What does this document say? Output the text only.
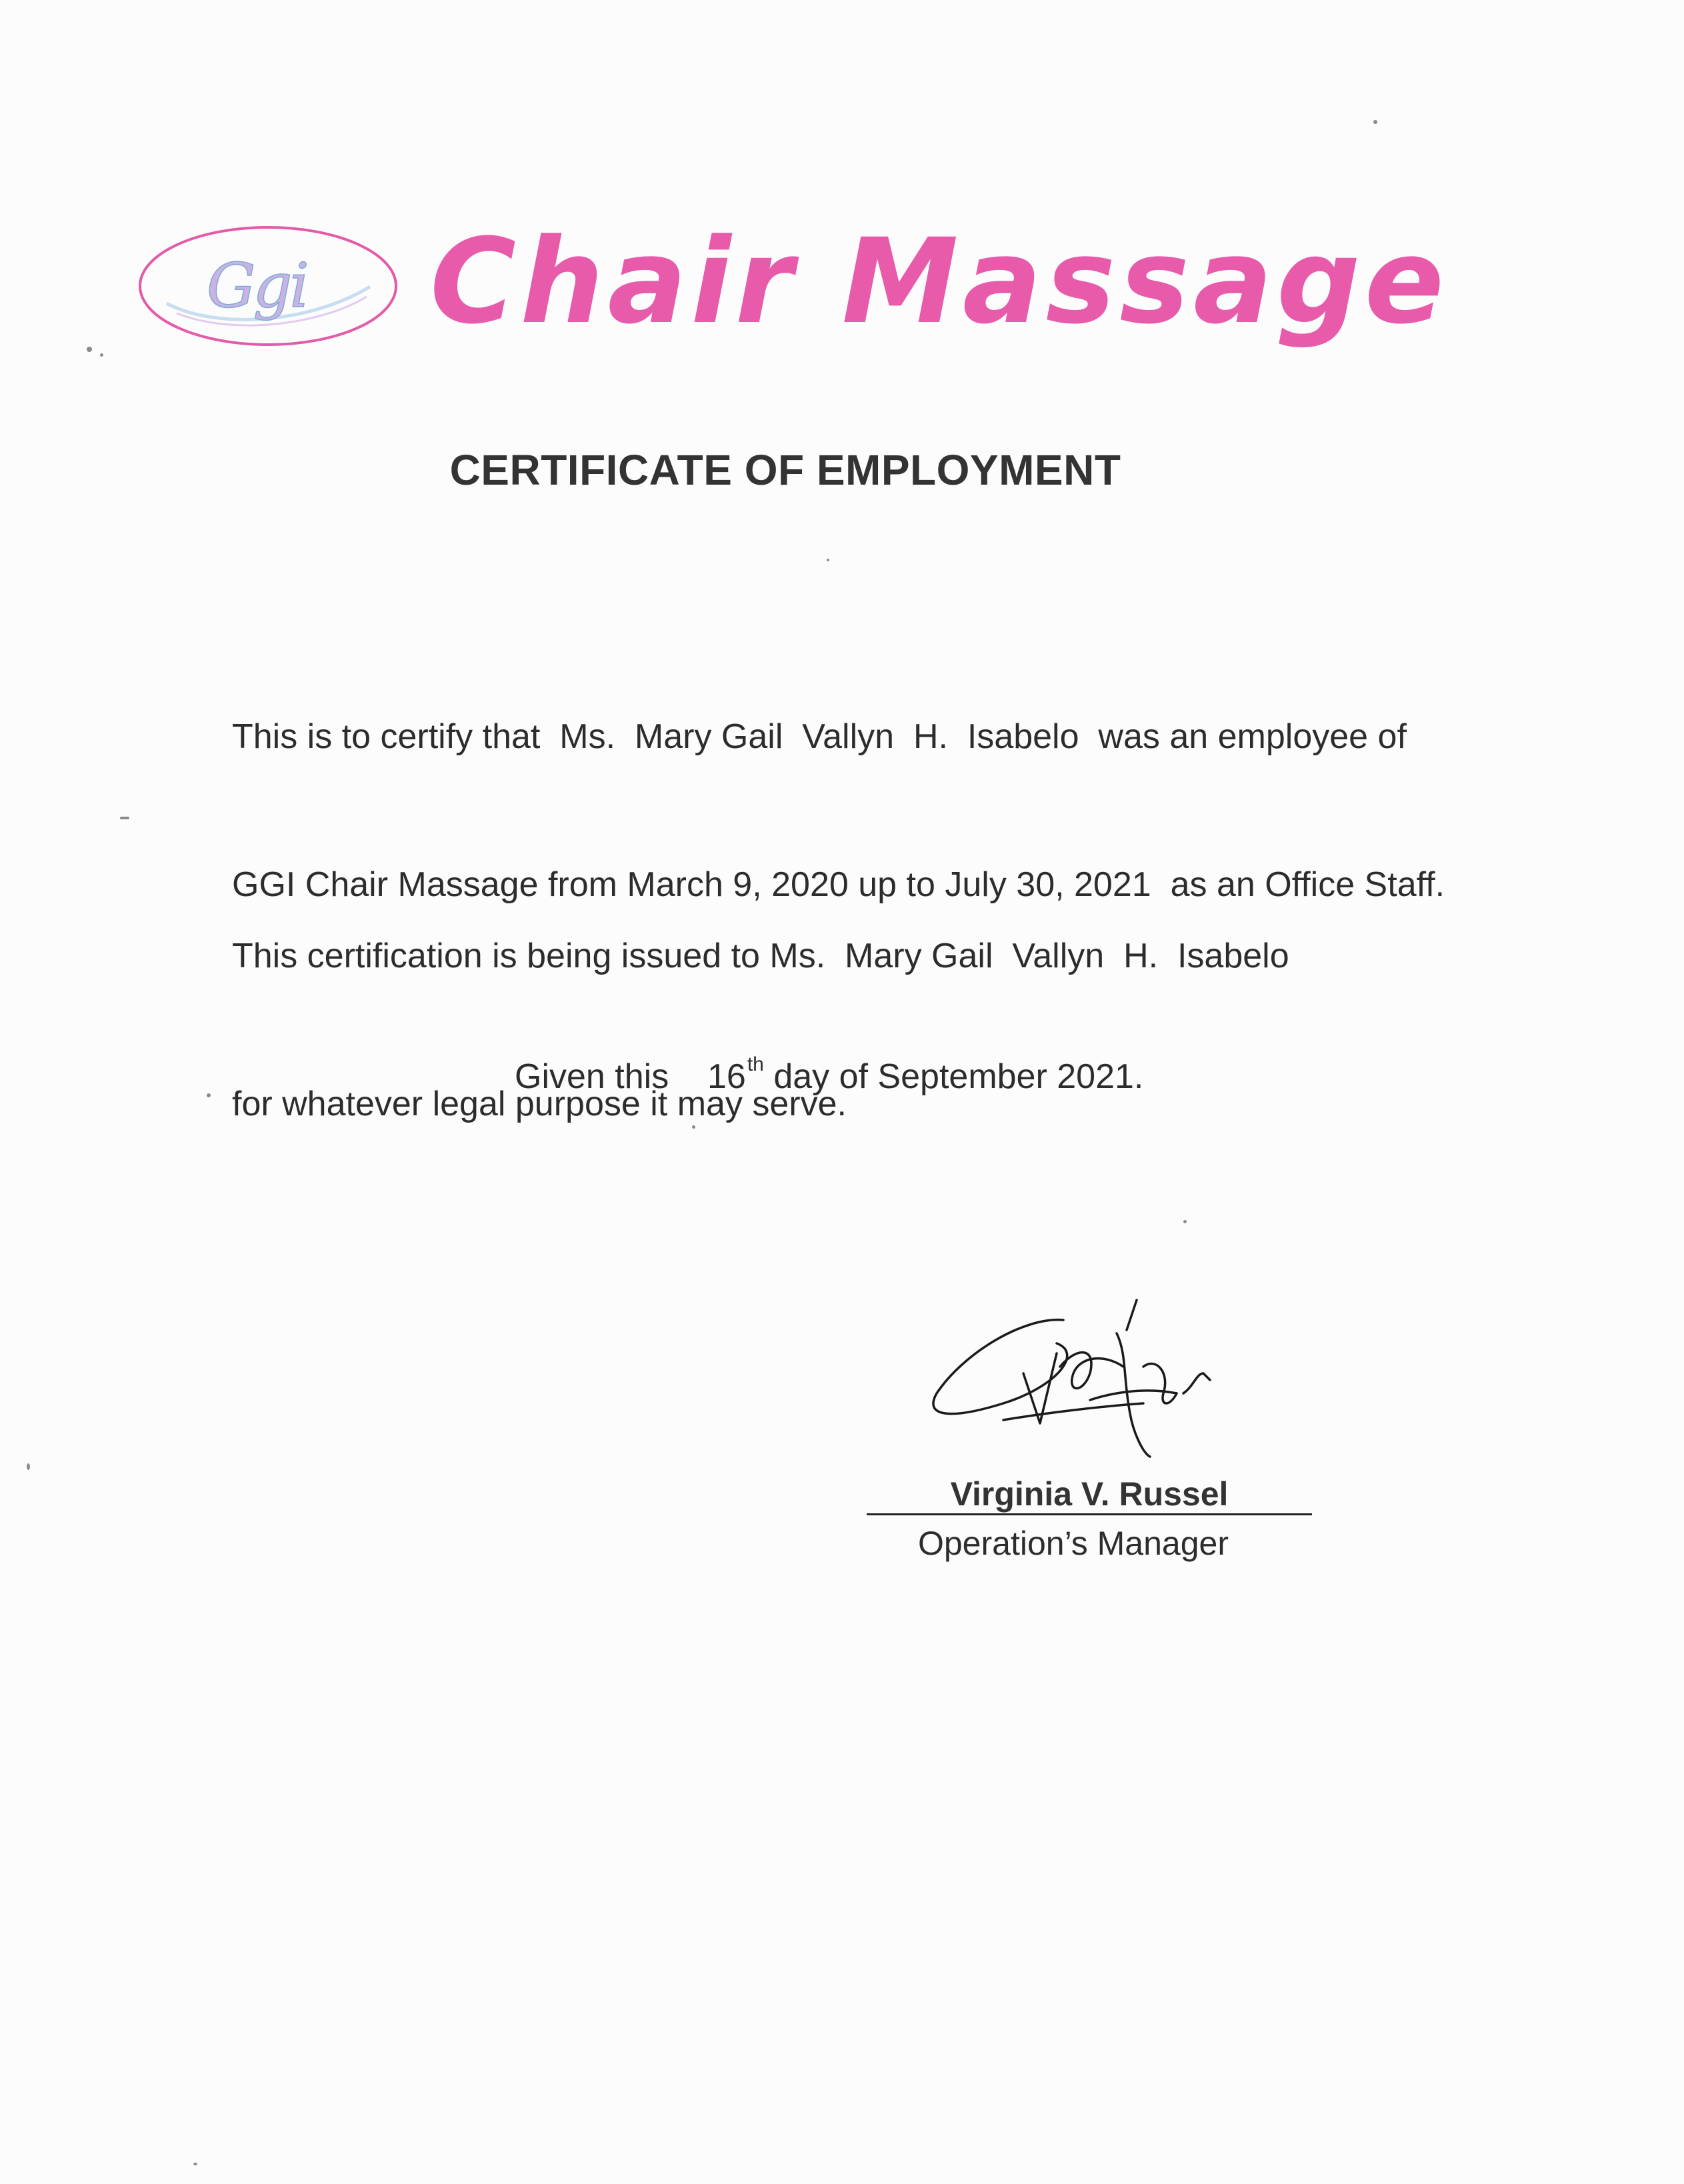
Ggi Chair Massage
CERTIFICATE OF EMPLOYMENT

This is to certify that  Ms.  Mary Gail  Vallyn  H.  Isabelo  was an employee of

GGI Chair Massage from March 9, 2020 up to July 30, 2021  as an Office Staff.

This certification is being issued to Ms.  Mary Gail  Vallyn  H.  Isabelo

for whatever legal purpose it may serve.

Given this    16th day of September 2021.
Virginia V. Russel
Operation’s Manager
